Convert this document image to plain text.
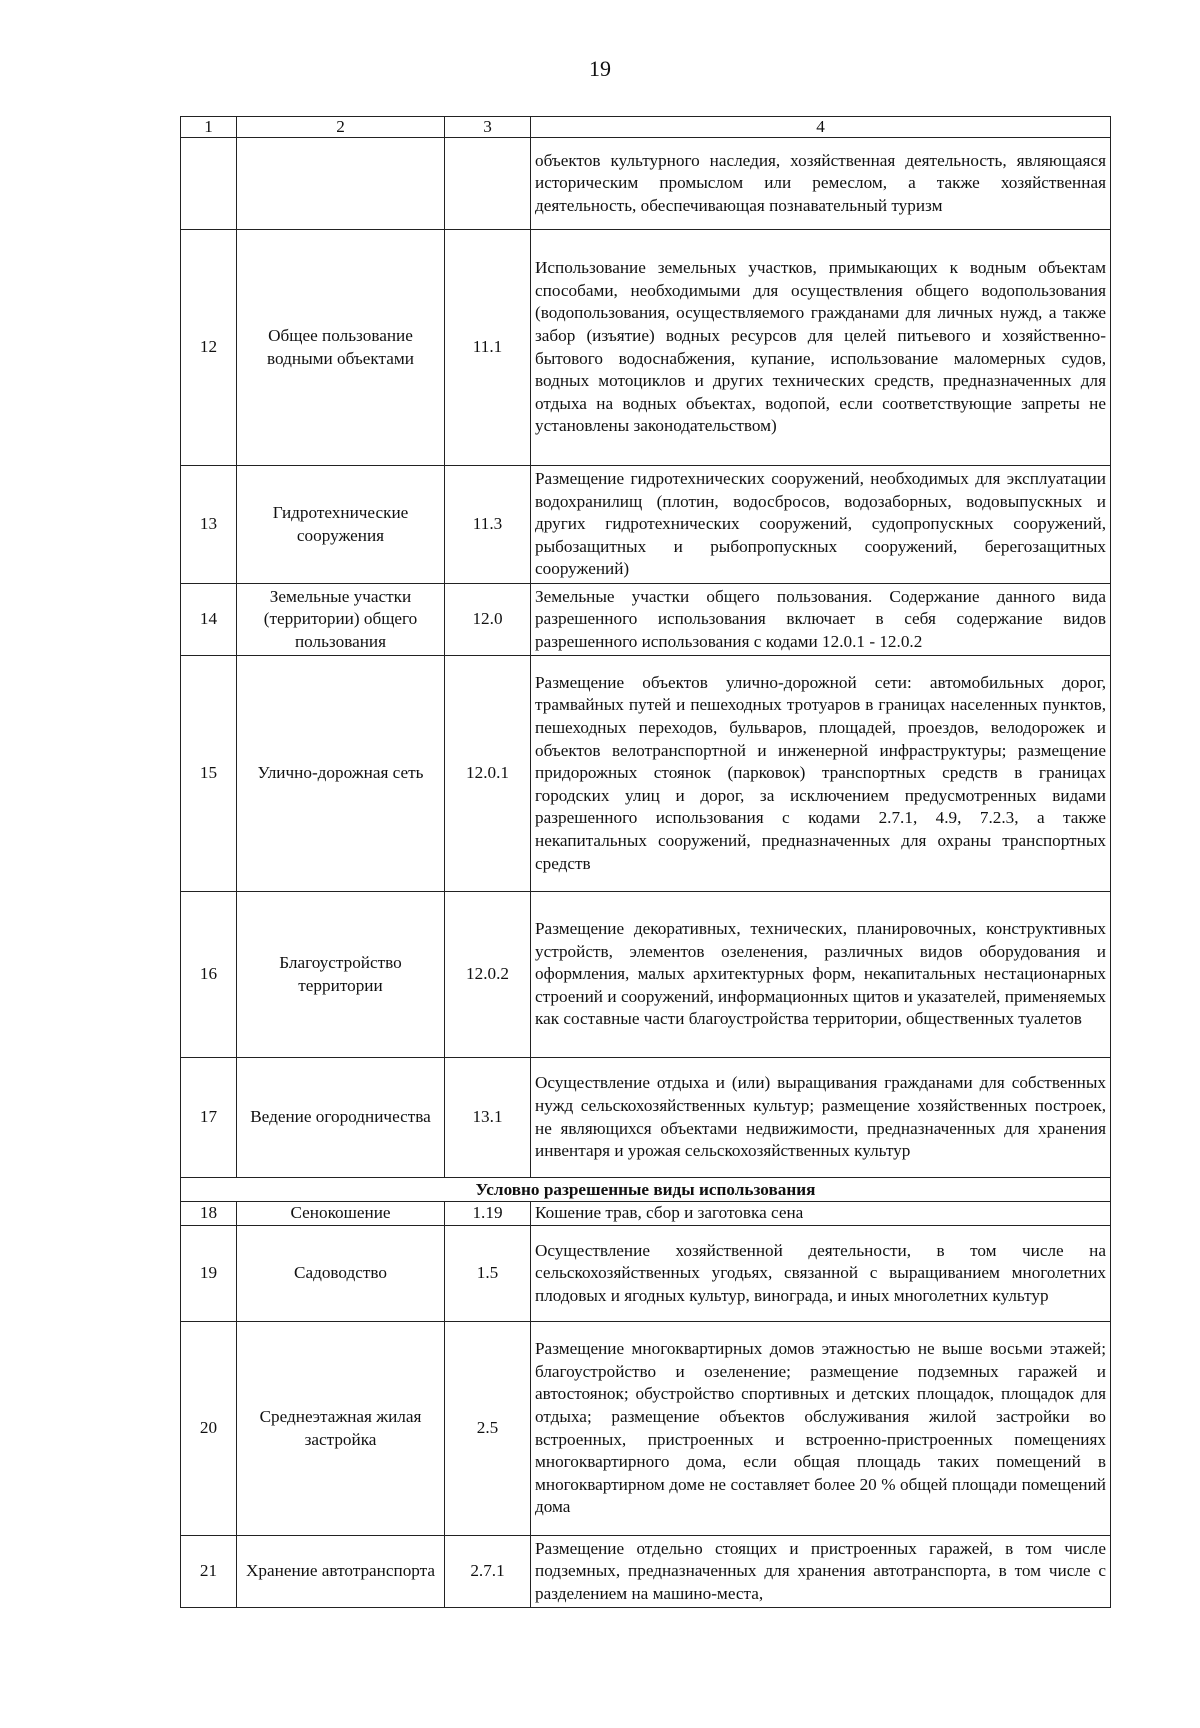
19
1	2	3	4
			объектов культурного наследия, хозяйственная деятельность, являющаяся историческим промыслом или ремеслом, а также хозяйственная деятельность, обеспечивающая познавательный туризм
12	Общее пользование водными объектами	11.1	Использование земельных участков, примыкающих к водным объектам способами, необходимыми для осуществления общего водопользования (водопользования, осуществляемого гражданами для личных нужд, а также забор (изъятие) водных ресурсов для целей питьевого и хозяйственно-бытового водоснабжения, купание, использование маломерных судов, водных мотоциклов и других технических средств, предназначенных для отдыха на водных объектах, водопой, если соответствующие запреты не установлены законодательством)
13	Гидротехнические сооружения	11.3	Размещение гидротехнических сооружений, необходимых для эксплуатации водохранилищ (плотин, водосбросов, водозаборных, водовыпускных и других гидротехнических сооружений, судопропускных сооружений, рыбозащитных и рыбопропускных сооружений, берегозащитных сооружений)
14	Земельные участки (территории) общего пользования	12.0	Земельные участки общего пользования. Содержание данного вида разрешенного использования включает в себя содержание видов разрешенного использования с кодами 12.0.1 - 12.0.2
15	Улично-дорожная сеть	12.0.1	Размещение объектов улично-дорожной сети: автомобильных дорог, трамвайных путей и пешеходных тротуаров в границах населенных пунктов, пешеходных переходов, бульваров, площадей, проездов, велодорожек и объектов велотранспортной и инженерной инфраструктуры; размещение придорожных стоянок (парковок) транспортных средств в границах городских улиц и дорог, за исключением предусмотренных видами разрешенного использования с кодами 2.7.1, 4.9, 7.2.3, а также некапитальных сооружений, предназначенных для охраны транспортных средств
16	Благоустройство территории	12.0.2	Размещение декоративных, технических, планировочных, конструктивных устройств, элементов озеленения, различных видов оборудования и оформления, малых архитектурных форм, некапитальных нестационарных строений и сооружений, информационных щитов и указателей, применяемых как составные части благоустройства территории, общественных туалетов
17	Ведение огородничества	13.1	Осуществление отдыха и (или) выращивания гражданами для собственных нужд сельскохозяйственных культур; размещение хозяйственных построек, не являющихся объектами недвижимости, предназначенных для хранения инвентаря и урожая сельскохозяйственных культур
Условно разрешенные виды использования			
18	Сенокошение	1.19	Кошение трав, сбор и заготовка сена
19	Садоводство	1.5	Осуществление хозяйственной деятельности, в том числе на сельскохозяйственных угодьях, связанной с выращиванием многолетних плодовых и ягодных культур, винограда, и иных многолетних культур
20	Среднеэтажная жилая застройка	2.5	Размещение многоквартирных домов этажностью не выше восьми этажей; благоустройство и озеленение; размещение подземных гаражей и автостоянок; обустройство спортивных и детских площадок, площадок для отдыха; размещение объектов обслуживания жилой застройки во встроенных, пристроенных и встроенно-пристроенных помещениях многоквартирного дома, если общая площадь таких помещений в многоквартирном доме не составляет более 20 % общей площади помещений дома
21	Хранение автотранспорта	2.7.1	Размещение отдельно стоящих и пристроенных гаражей, в том числе подземных, предназначенных для хранения автотранспорта, в том числе с разделением на машино-места,
